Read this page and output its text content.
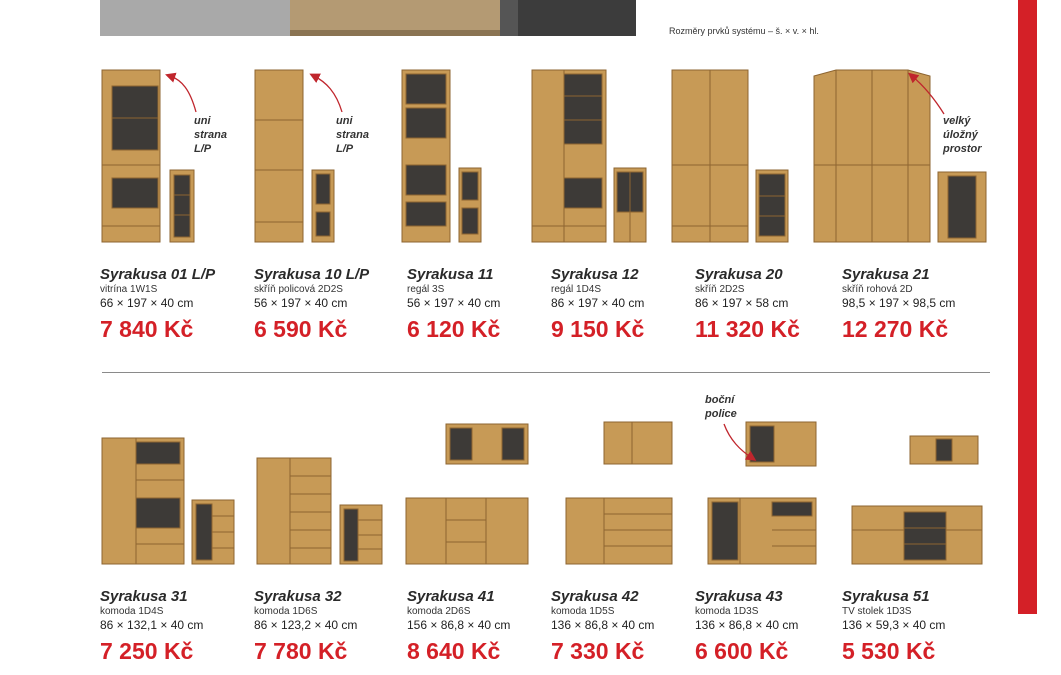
Rozměry prvků systému – š. × v. × hl.
uni
strana
L/P
uni
strana
L/P
velký
úložný
prostor
boční
police
Syrakusa 01 L/P
vitrína 1W1S
66 × 197 × 40 cm
7 840 Kč
Syrakusa 10 L/P
skříň policová 2D2S
56 × 197 × 40 cm
6 590 Kč
Syrakusa 11
regál 3S
56 × 197 × 40 cm
6 120 Kč
Syrakusa 12
regál 1D4S
86 × 197 × 40 cm
9 150 Kč
Syrakusa 20
skříň 2D2S
86 × 197 × 58 cm
11 320 Kč
Syrakusa 21
skříň rohová 2D
98,5 × 197 × 98,5 cm
12 270 Kč
Syrakusa 31
komoda 1D4S
86 × 132,1 × 40 cm
7 250 Kč
Syrakusa 32
komoda 1D6S
86 × 123,2 × 40 cm
7 780 Kč
Syrakusa 41
komoda 2D6S
156 × 86,8 × 40 cm
8 640 Kč
Syrakusa 42
komoda 1D5S
136 × 86,8 × 40 cm
7 330 Kč
Syrakusa 43
komoda 1D3S
136 × 86,8 × 40 cm
6 600 Kč
Syrakusa 51
TV stolek 1D3S
136 × 59,3 × 40 cm
5 530 Kč
